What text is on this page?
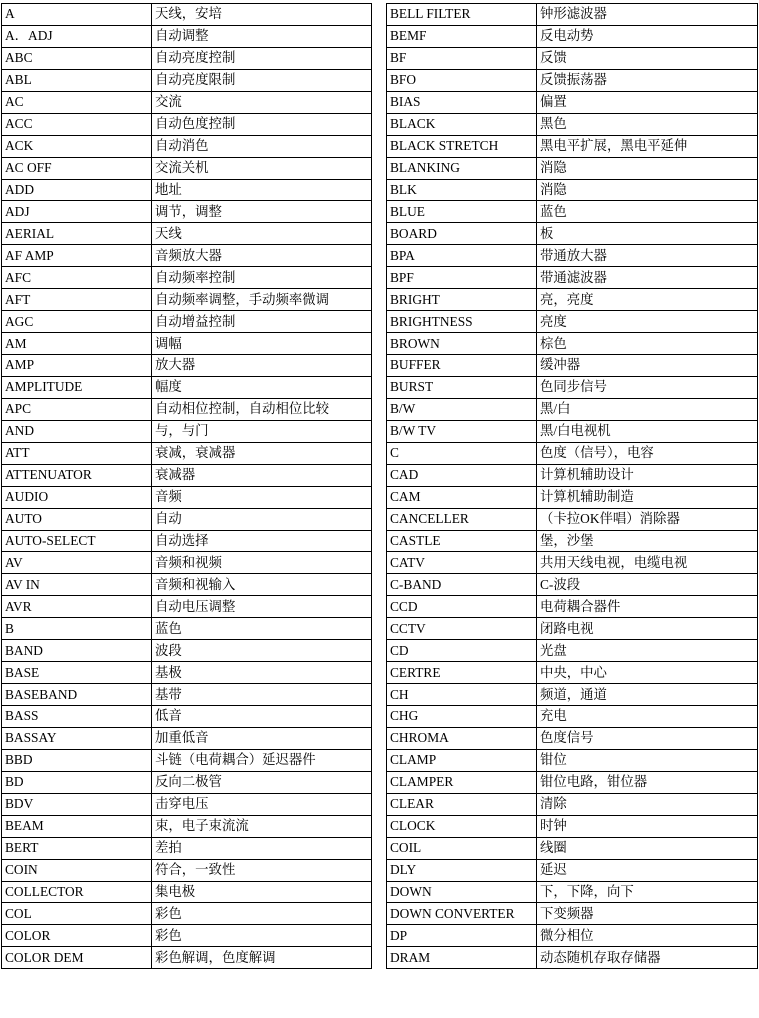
A	天线，安培
A．ADJ	自动调整
ABC	自动亮度控制
ABL	自动亮度限制
AC	交流
ACC	自动色度控制
ACK	自动消色
AC OFF	交流关机
ADD	地址
ADJ	调节，调整
AERIAL	天线
AF AMP	音频放大器
AFC	自动频率控制
AFT	自动频率调整，手动频率微调
AGC	自动增益控制
AM	调幅
AMP	放大器
AMPLITUDE	幅度
APC	自动相位控制，自动相位比较
AND	与，与门
ATT	衰减，衰减器
ATTENUATOR	衰减器
AUDIO	音频
AUTO	自动
AUTO-SELECT	自动选择
AV	音频和视频
AV IN	音频和视输入
AVR	自动电压调整
B	蓝色
BAND	波段
BASE	基极
BASEBAND	基带
BASS	低音
BASSAY	加重低音
BBD	斗链（电荷耦合）延迟器件
BD	反向二极管
BDV	击穿电压
BEAM	束，电子束流流
BERT	差拍
COIN	符合，一致性
COLLECTOR	集电极
COL	彩色
COLOR	彩色
COLOR DEM	彩色解调，色度解调
BELL FILTER	钟形滤波器
BEMF	反电动势
BF	反馈
BFO	反馈振荡器
BIAS	偏置
BLACK	黑色
BLACK STRETCH	黑电平扩展，黑电平延伸
BLANKING	消隐
BLK	消隐
BLUE	蓝色
BOARD	板
BPA	带通放大器
BPF	带通滤波器
BRIGHT	亮，亮度
BRIGHTNESS	亮度
BROWN	棕色
BUFFER	缓冲器
BURST	色同步信号
B/W	黑/白
B/W TV	黑/白电视机
C	色度（信号），电容
CAD	计算机辅助设计
CAM	计算机辅助制造
CANCELLER	（卡拉OK伴唱）消除器
CASTLE	堡，沙堡
CATV	共用天线电视，电缆电视
C-BAND	C-波段
CCD	电荷耦合器件
CCTV	闭路电视
CD	光盘
CERTRE	中央，中心
CH	频道，通道
CHG	充电
CHROMA	色度信号
CLAMP	钳位
CLAMPER	钳位电路，钳位器
CLEAR	清除
CLOCK	时钟
COIL	线圈
DLY	延迟
DOWN	下，下降，向下
DOWN CONVERTER	下变频器
DP	微分相位
DRAM	动态随机存取存储器
